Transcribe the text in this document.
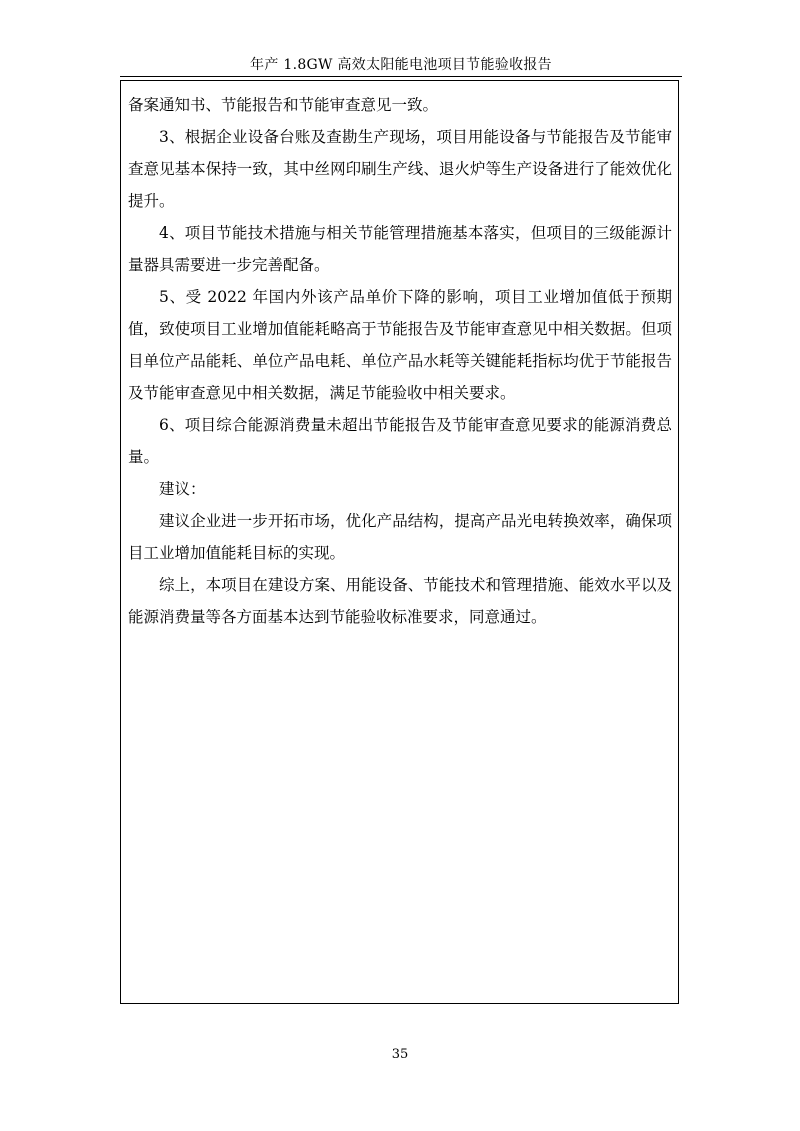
年产 1.8GW 高效太阳能电池项目节能验收报告

备案通知书、节能报告和节能审查意见一致。

3、根据企业设备台账及查勘生产现场，项目用能设备与节能报告及节能审查意见基本保持一致，其中丝网印刷生产线、退火炉等生产设备进行了能效优化提升。

4、项目节能技术措施与相关节能管理措施基本落实，但项目的三级能源计量器具需要进一步完善配备。

5、受 2022 年国内外该产品单价下降的影响，项目工业增加值低于预期值，致使项目工业增加值能耗略高于节能报告及节能审查意见中相关数据。但项目单位产品能耗、单位产品电耗、单位产品水耗等关键能耗指标均优于节能报告及节能审查意见中相关数据，满足节能验收中相关要求。

6、项目综合能源消费量未超出节能报告及节能审查意见要求的能源消费总量。

建议：

建议企业进一步开拓市场，优化产品结构，提高产品光电转换效率，确保项目工业增加值能耗目标的实现。

综上，本项目在建设方案、用能设备、节能技术和管理措施、能效水平以及能源消费量等各方面基本达到节能验收标准要求，同意通过。

35
